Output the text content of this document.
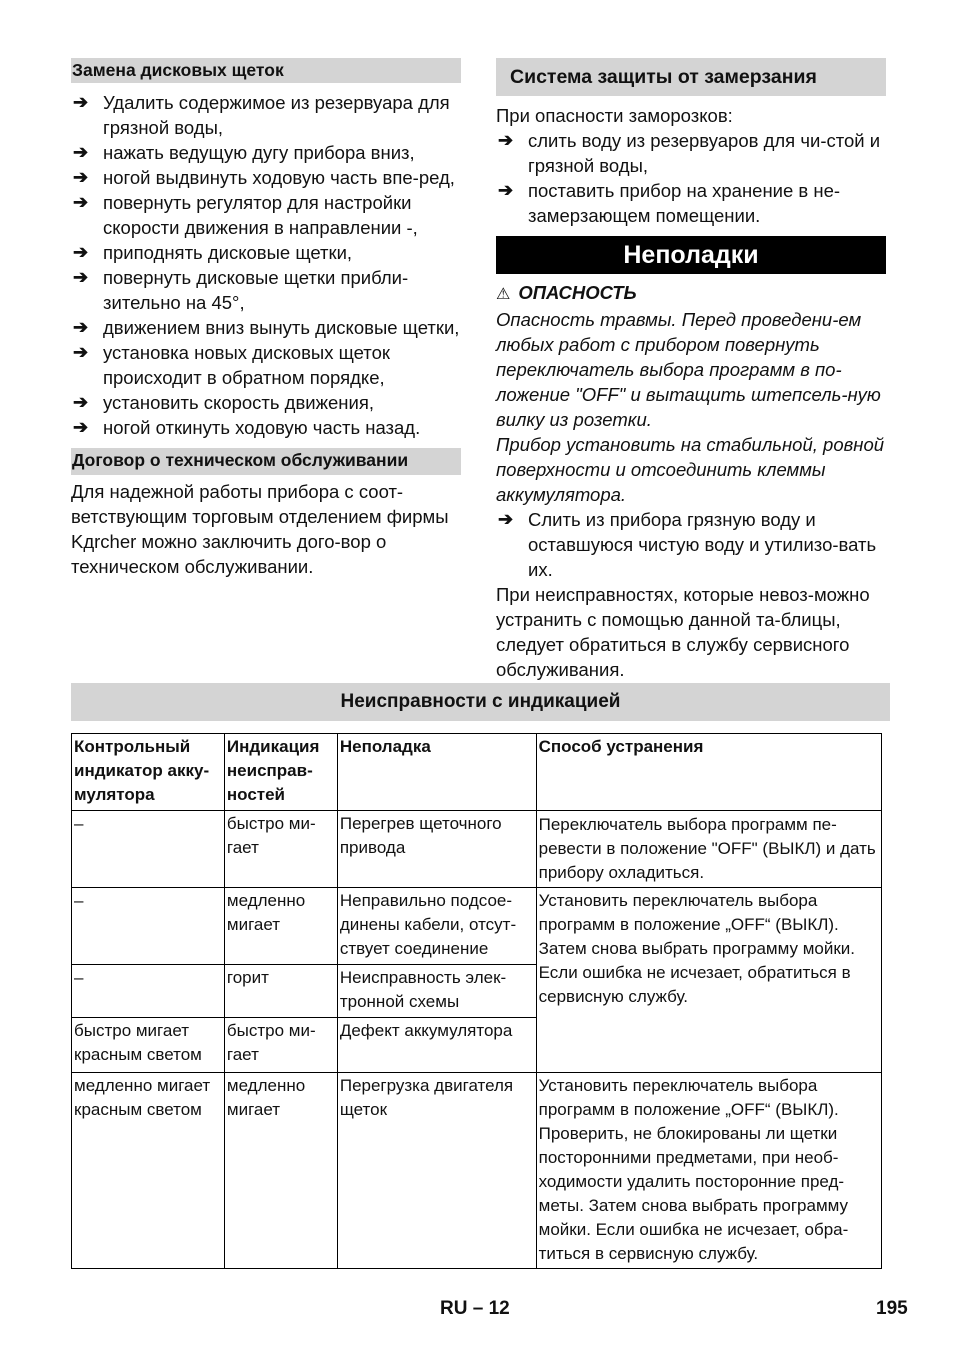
Замена дисковых щеток
➔ Удалить содержимое из резервуара для грязной воды,
➔ нажать ведущую дугу прибора вниз,
➔ ногой выдвинуть ходовую часть впе-ред,
➔ повернуть регулятор для настройки скорости движения в направлении -,
➔ приподнять дисковые щетки,
➔ повернуть дисковые щетки прибли-зительно на 45°,
➔ движением вниз вынуть дисковые щетки,
➔ установка новых дисковых щеток происходит в обратном порядке,
➔ установить скорость движения,
➔ ногой откинуть ходовую часть назад.
Договор о техническом обслуживании

Для надежной работы прибора с соот-ветствующим торговым отделением фирмы Kдrcher можно заключить дого-вор о техническом обслуживании.

Система защиты от замерзания

При опасности заморозков:

➔ слить воду из резервуаров для чи-стой и грязной воды,
➔ поставить прибор на хранение в не-замерзающем помещении.
Неполадки
⚠ ОПАСНОСТЬ

Опасность травмы. Перед проведени-ем любых работ с прибором повернуть переключатель выбора программ в по-ложение "OFF" и вытащить штепсель-ную вилку из розетки.

Прибор установить на стабильной, ровной поверхности и отсоединить клеммы аккумулятора.

➔ Слить из прибора грязную воду и оставшуюся чистую воду и утилизо-вать их.

При неисправностях, которые невоз-можно устранить с помощью данной та-блицы, следует обратиться в службу сервисного обслуживания.

Неисправности с индикацией
Контрольный индикатор акку-мулятора	Индикация неисправ-ностей	Неполадка	Способ устранения
–	быстро ми-гает	Перегрев щеточного привода	Переключатель выбора программ пе-ревести в положение "OFF" (ВЫКЛ) и дать прибору охладиться.
–	медленно мигает	Неправильно подсое-динены кабели, отсут-ствует соединение	Установить переключатель выбора программ в положение „OFF“ (ВЫКЛ). Затем снова выбрать программу мойки. Если ошибка не исчезает, обратиться в сервисную службу.
–	горит	Неисправность элек-тронной схемы	
быстро мигает красным светом	быстро ми-гает	Дефект аккумулятора	
медленно мигает красным светом	медленно мигает	Перегрузка двигателя щеток	Установить переключатель выбора программ в положение „OFF“ (ВЫКЛ). Проверить, не блокированы ли щетки посторонними предметами, при необ-ходимости удалить посторонние пред-меты. Затем снова выбрать программу мойки. Если ошибка не исчезает, обра-титься в сервисную службу.
RU – 12	195
